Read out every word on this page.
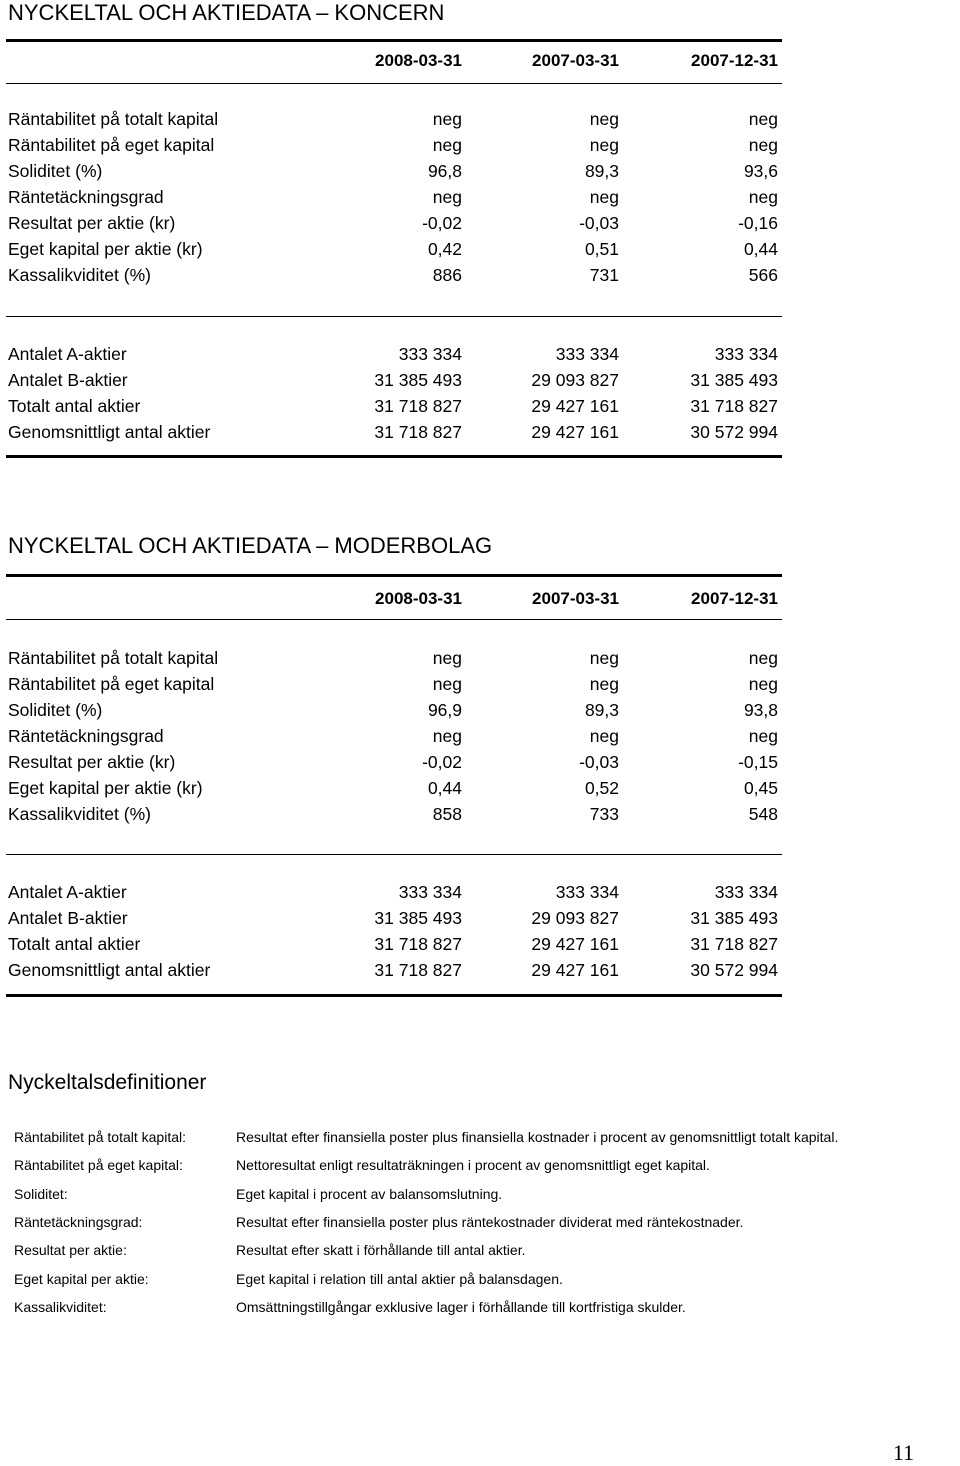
NYCKELTAL OCH AKTIEDATA – KONCERN
2008-03-31	2007-03-31	2007-12-31
Räntabilitet på totalt kapital	neg	neg	neg
Räntabilitet på eget kapital	neg	neg	neg
Soliditet (%)	96,8	89,3	93,6
Räntetäckningsgrad	neg	neg	neg
Resultat per aktie (kr)	-0,02	-0,03	-0,16
Eget kapital per aktie (kr)	0,42	0,51	0,44
Kassalikviditet (%)	886	731	566
Antalet A-aktier	333 334	333 334	333 334
Antalet B-aktier	31 385 493	29 093 827	31 385 493
Totalt antal aktier	31 718 827	29 427 161	31 718 827
Genomsnittligt antal aktier	31 718 827	29 427 161	30 572 994
NYCKELTAL OCH AKTIEDATA – MODERBOLAG
2008-03-31	2007-03-31	2007-12-31
Räntabilitet på totalt kapital	neg	neg	neg
Räntabilitet på eget kapital	neg	neg	neg
Soliditet (%)	96,9	89,3	93,8
Räntetäckningsgrad	neg	neg	neg
Resultat per aktie (kr)	-0,02	-0,03	-0,15
Eget kapital per aktie (kr)	0,44	0,52	0,45
Kassalikviditet (%)	858	733	548
Antalet A-aktier	333 334	333 334	333 334
Antalet B-aktier	31 385 493	29 093 827	31 385 493
Totalt antal aktier	31 718 827	29 427 161	31 718 827
Genomsnittligt antal aktier	31 718 827	29 427 161	30 572 994
Nyckeltalsdefinitioner
Räntabilitet på totalt kapital:	Resultat efter finansiella poster plus finansiella kostnader i procent av genomsnittligt totalt kapital.
Räntabilitet på eget kapital:	Nettoresultat enligt resultaträkningen i procent av genomsnittligt eget kapital.
Soliditet:	Eget kapital i procent av balansomslutning.
Räntetäckningsgrad:	Resultat efter finansiella poster plus räntekostnader dividerat med räntekostnader.
Resultat per aktie:	Resultat efter skatt i förhållande till antal aktier.
Eget kapital per aktie:	Eget kapital i relation till antal aktier på balansdagen.
Kassalikviditet:	Omsättningstillgångar exklusive lager i förhållande till kortfristiga skulder.
11
